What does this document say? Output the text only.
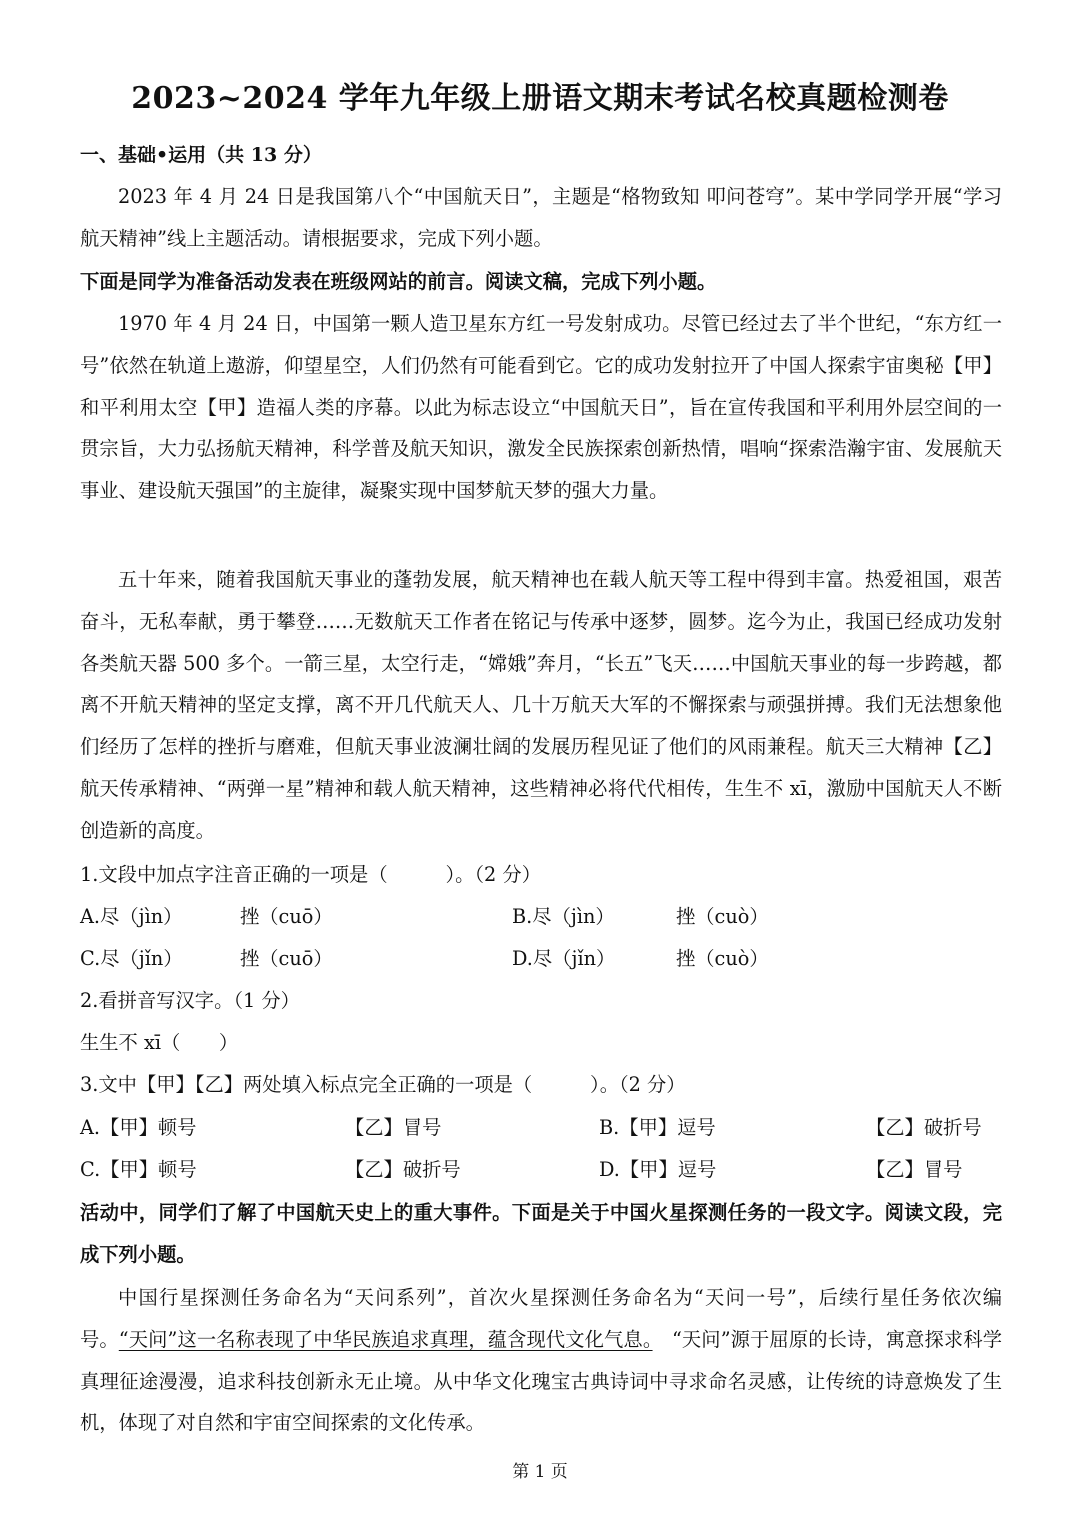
2023~2024 学年九年级上册语文期末考试名校真题检测卷
一、基础•运用（共 13 分）
2023 年 4 月 24 日是我国第八个“中国航天日”，主题是“格物致知 叩问苍穹”。某中学同学开展“学习航天精神”线上主题活动。请根据要求，完成下列小题。
下面是同学为准备活动发表在班级网站的前言。阅读文稿，完成下列小题。
1970 年 4 月 24 日，中国第一颗人造卫星东方红一号发射成功。尽管已经过去了半个世纪，“东方红一号”依然在轨道上遨游，仰望星空，人们仍然有可能看到它。它的成功发射拉开了中国人探索宇宙奥秘【甲】和平利用太空【甲】造福人类的序幕。以此为标志设立“中国航天日”，旨在宣传我国和平利用外层空间的一贯宗旨，大力弘扬航天精神，科学普及航天知识，激发全民族探索创新热情，唱响“探索浩瀚宇宙、发展航天事业、建设航天强国”的主旋律，凝聚实现中国梦航天梦的强大力量。
五十年来，随着我国航天事业的蓬勃发展，航天精神也在载人航天等工程中得到丰富。热爱祖国，艰苦奋斗，无私奉献，勇于攀登……无数航天工作者在铭记与传承中逐梦，圆梦。迄今为止，我国已经成功发射各类航天器 500 多个。一箭三星，太空行走，“嫦娥”奔月，“长五”飞天……中国航天事业的每一步跨越，都离不开航天精神的坚定支撑，离不开几代航天人、几十万航天大军的不懈探索与顽强拼搏。我们无法想象他们经历了怎样的挫折与磨难，但航天事业波澜壮阔的发展历程见证了他们的风雨兼程。航天三大精神【乙】航天传承精神、“两弹一星”精神和载人航天精神，这些精神必将代代相传，生生不 xī，激励中国航天人不断创造新的高度。
1.文段中加点字注音正确的一项是（　　　）。（2 分）
A.尽（jìn）	挫（cuō）	B.尽（jìn）	挫（cuò）
C.尽（jǐn）	挫（cuō）	D.尽（jǐn）	挫（cuò）
2.看拼音写汉字。（1 分）
生生不 xī（　　）
3.文中【甲】【乙】两处填入标点完全正确的一项是（　　　）。（2 分）
A.【甲】顿号	【乙】冒号	B.【甲】逗号	【乙】破折号
C.【甲】顿号	【乙】破折号	D.【甲】逗号	【乙】冒号
活动中，同学们了解了中国航天史上的重大事件。下面是关于中国火星探测任务的一段文字。阅读文段，完成下列小题。
中国行星探测任务命名为“天问系列”，首次火星探测任务命名为“天问一号”，后续行星任务依次编号。“天问”这一名称表现了中华民族追求真理，蕴含现代文化气息。　 “天问”源于屈原的长诗，寓意探求科学真理征途漫漫，追求科技创新永无止境。从中华文化瑰宝古典诗词中寻求命名灵感，让传统的诗意焕发了生机，体现了对自然和宇宙空间探索的文化传承。
第 1 页
